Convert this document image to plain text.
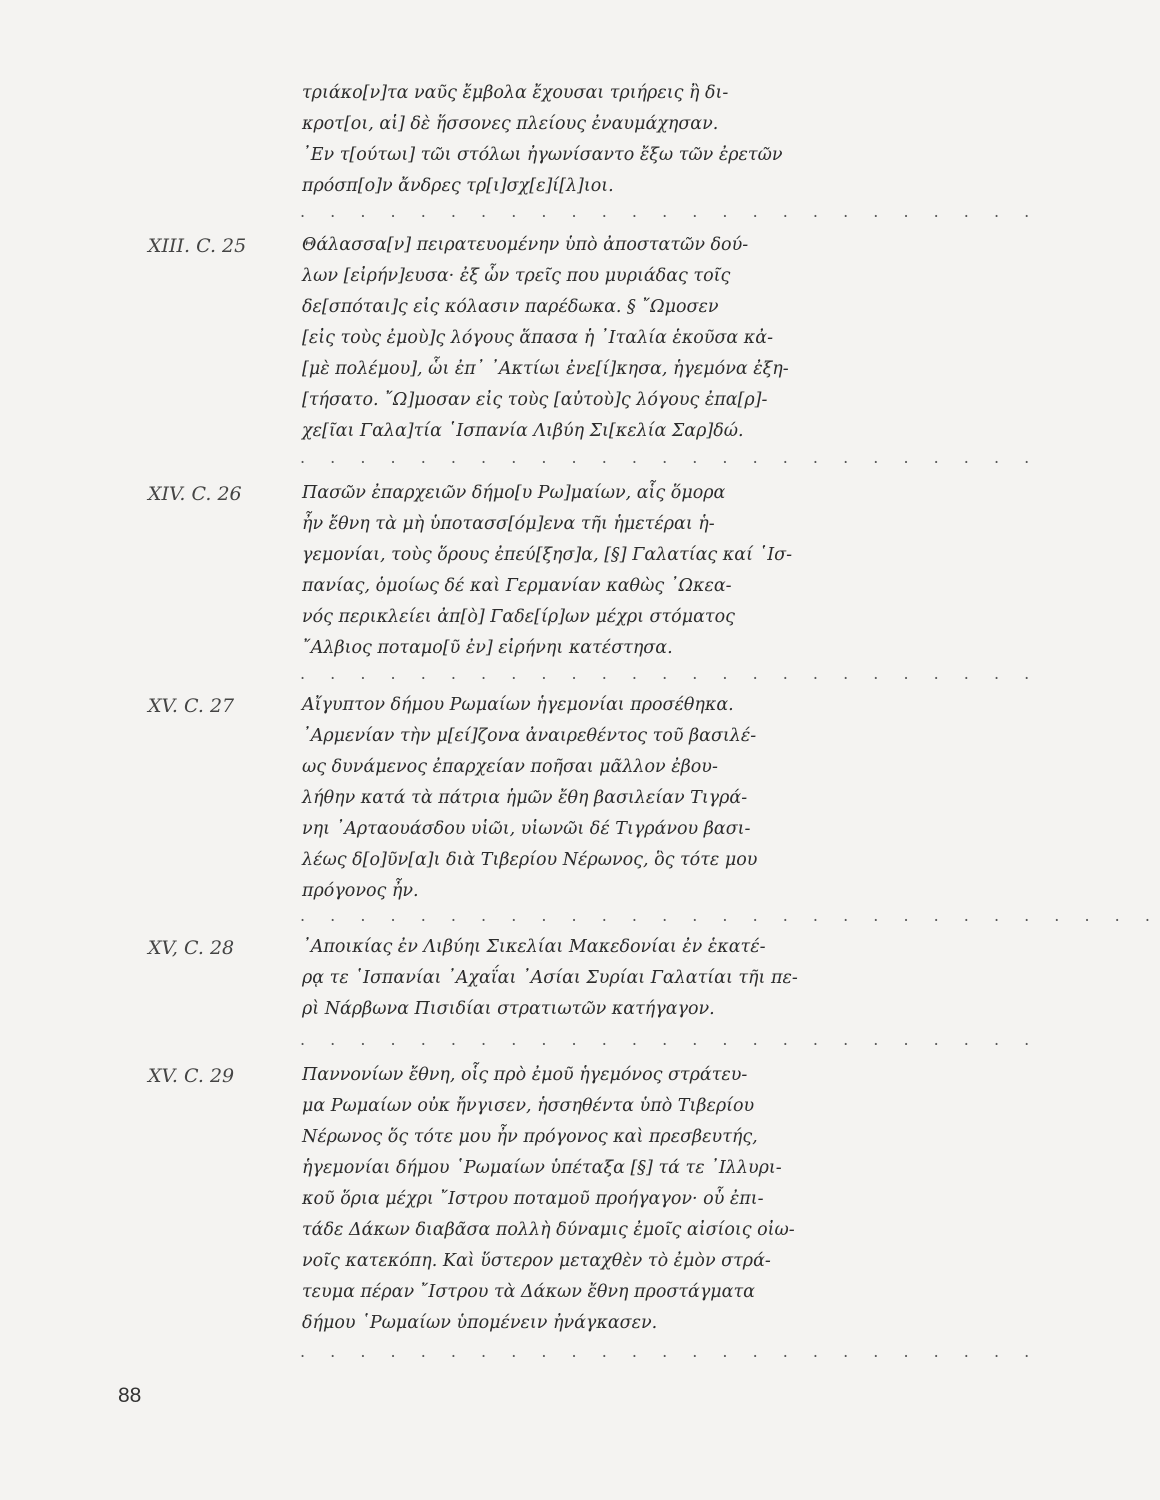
τριάκο[ν]τα ναῦς ἔμβολα ἔχουσαι τριήρεις ἢ δι-
κροτ[οι, αἱ] δὲ ἥσσονες πλείους ἐναυμάχησαν.
᾿Εν τ[ούτωι] τῶι στόλωι ἠγωνίσαντο ἔξω τῶν ἐρετῶν
πρόσπ[ο]ν ἄνδρες τρ[ι]σχ[ε]ί[λ]ιοι.
. . . . . . . . . . . . . . . . . . . . . . . . .
XIII. C. 25	Θάλασσα[ν] πειρατευομένην ὑπὸ ἀποστατῶν δού-
λων [εἰρήν]ευσα· ἐξ ὧν τρεῖς που μυριάδας τοῖς
δε[σπόται]ς εἰς κόλασιν παρέδωκα. § ῎Ωμοσεν
[εἰς τοὺς ἐμοὺ]ς λόγους ἅπασα ἡ ᾿Ιταλία ἑκοῦσα κἀ-
[μὲ πολέμου], ὧι ἐπ᾿ ᾿Ακτίωι ἐνε[ί]κησα, ἡγεμόνα ἐξη-
[τήσατο. ῎Ω]μοσαν εἰς τοὺς [αὐτοὺ]ς λόγους ἐπα[ρ]-
χε[ῖαι Γαλα]τία ῾Ισπανία Λιβύη Σι[κελία Σαρ]δώ.
. . . . . . . . . . . . . . . . . . . . . . . . .
XIV. C. 26	Πασῶν ἐπαρχειῶν δήμο[υ Ρω]μαίων, αἷς ὅμορα
ἦν ἔθνη τὰ μὴ ὑποτασσ[όμ]ενα τῆι ἡμετέραι ἡ-
γεμονίαι, τοὺς ὅρους ἐπεύ[ξησ]α, [§] Γαλατίας καί ῾Ισ-
πανίας, ὁμοίως δέ καὶ Γερμανίαν καθὼς ᾿Ωκεα-
νός περικλείει ἀπ[ὸ] Γαδε[ίρ]ων μέχρι στόματος
῎Αλβιος ποταμο[ῦ ἐν] εἰρήνηι κατέστησα.
. . . . . . . . . . . . . . . . . . . . . . . . .
XV. C. 27	Αἴγυπτον δήμου Ρωμαίων ἡγεμονίαι προσέθηκα.
᾿Αρμενίαν τὴν μ[εί]ζονα ἀναιρεθέντος τοῦ βασιλέ-
ως δυνάμενος ἐπαρχείαν ποῆσαι μᾶλλον ἐβου-
λήθην κατά τὰ πάτρια ἡμῶν ἔθη βασιλείαν Τιγρά-
νηι ᾿Αρταουάσδου υἱῶι, υἱωνῶι δέ Τιγράνου βασι-
λέως δ[ο]ῦν[α]ι διὰ Τιβερίου Νέρωνος, ὃς τότε μου
πρόγονος ἦν.
. . . . . . . . . . . . . . . . . . . . . . . . . . . . .
XV, C. 28	᾿Αποικίας ἐν Λιβύηι Σικελίαι Μακεδονίαι ἐν ἑκατέ-
ρᾳ τε ῾Ισπανίαι ᾿Αχαΐαι ᾿Ασίαι Συρίαι Γαλατίαι τῆι πε-
ρὶ Νάρβωνα Πισιδίαι στρατιωτῶν κατήγαγον.
. . . . . . . . . . . . . . . . . . . . . . . . .
XV. C. 29	Παννονίων ἔθνη, οἷς πρὸ ἐμοῦ ἡγεμόνος στράτευ-
μα Ρωμαίων οὐκ ἤνγισεν, ἡσσηθέντα ὑπὸ Τιβερίου
Νέρωνος ὅς τότε μου ἦν πρόγονος καὶ πρεσβευτής,
ἡγεμονίαι δήμου ῾Ρωμαίων ὑπέταξα [§] τά τε ᾿Ιλλυρι-
κοῦ ὅρια μέχρι ῎Ιστρου ποταμοῦ προήγαγον· οὗ ἐπι-
τάδε Δάκων διαβᾶσα πολλὴ δύναμις ἐμοῖς αἰσίοις οἰω-
νοῖς κατεκόπη. Καὶ ὕστερον μεταχθὲν τὸ ἐμὸν στρά-
τευμα πέραν ῎Ιστρου τὰ Δάκων ἔθνη προστάγματα
δήμου ῾Ρωμαίων ὑπομένειν ἠνάγκασεν.
. . . . . . . . . . . . . . . . . . . . . . . . .
88
